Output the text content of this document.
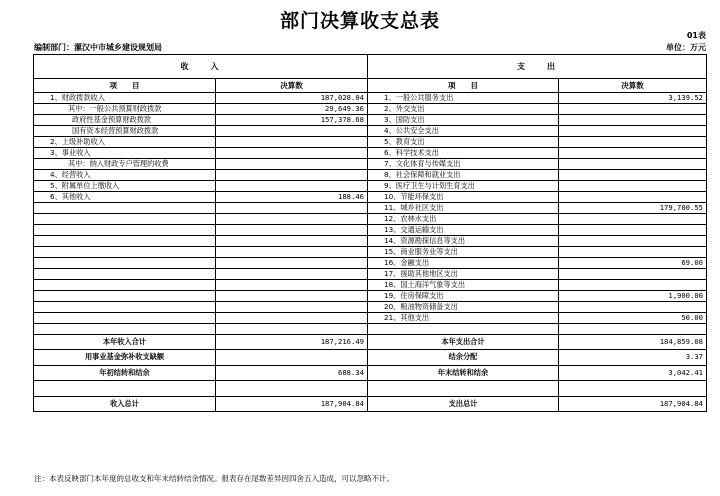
部门决算收支总表
01表
编制部门：漯汉中市城乡建设规划局	单位：万元
收　　入		支　　出	
项　　目	决算数	项　　目	决算数
1、财政拨款收入	187,028.04	1、一般公共服务支出	3,139.52
其中：一般公共预算财政拨款	29,649.36	2、外交支出	
政府性基金预算财政拨款	157,378.68	3、国防支出	
国有资本经营预算财政拨款		4、公共安全支出	
2、上级补助收入		5、教育支出	
3、事业收入		6、科学技术支出	
其中：纳入财政专户管理的收费		7、文化体育与传媒支出	
4、经营收入		8、社会保障和就业支出	
5、附属单位上缴收入		9、医疗卫生与计划生育支出	
6、其他收入	188.46	10、节能环保支出	
		11、城乡社区支出	179,700.55
		12、农林水支出	
		13、交通运输支出	
		14、资源勘探信息等支出	
		15、商业服务业等支出	
		16、金融支出	69.00
		17、援助其他地区支出	
		18、国土海洋气象等支出	
		19、住房保障支出	1,900.00
		20、粮油物资储备支出	
		21、其他支出	50.00

本年收入合计	187,216.49	本年支出合计	184,859.08
用事业基金弥补收支缺额		结余分配	3.37
年初结转和结余	688.34	年末结转和结余	3,042.41

收入总计	187,904.84	支出总计	187,904.84
注：本表反映部门本年度的总收支和年末结转结余情况。报表存在尾数差异因四舍五入造成，可以忽略不计。
